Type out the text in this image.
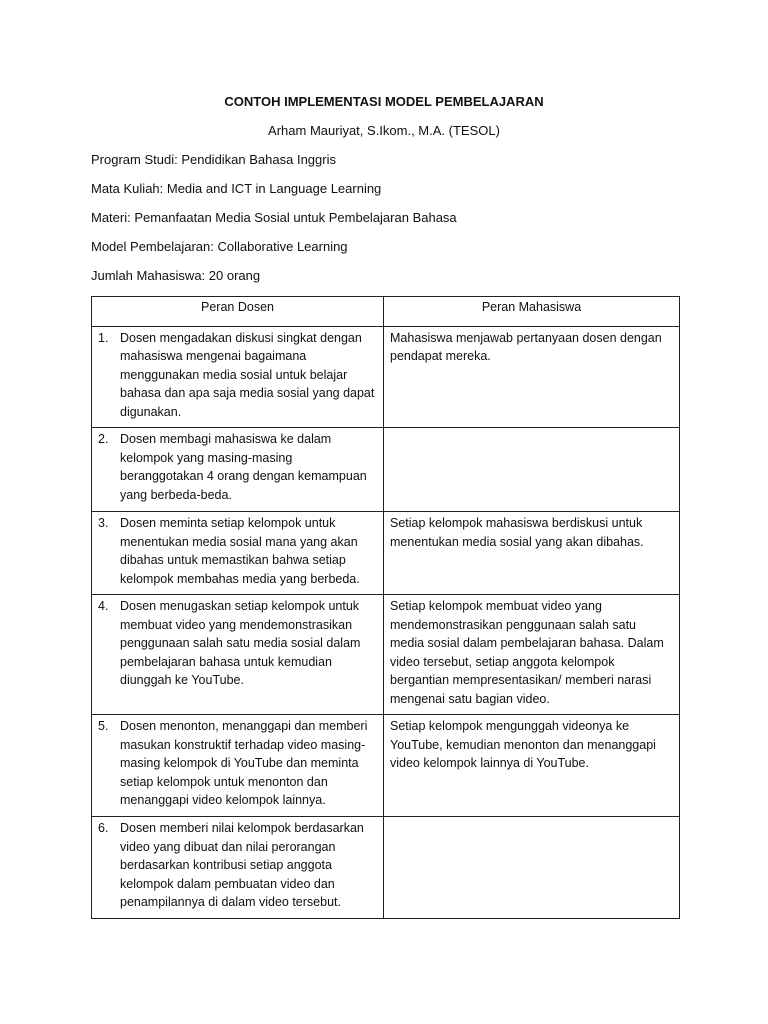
CONTOH IMPLEMENTASI MODEL PEMBELAJARAN
Arham Mauriyat, S.Ikom., M.A. (TESOL)
Program Studi: Pendidikan Bahasa Inggris
Mata Kuliah: Media and ICT in Language Learning
Materi: Pemanfaatan Media Sosial untuk Pembelajaran Bahasa
Model Pembelajaran: Collaborative Learning
Jumlah Mahasiswa: 20 orang
Peran Dosen	Peran Mahasiswa

1. Dosen mengadakan diskusi singkat dengan mahasiswa mengenai bagaimana menggunakan media sosial untuk belajar bahasa dan apa saja media sosial yang dapat digunakan.	Mahasiswa menjawab pertanyaan dosen dengan pendapat mereka.

2. Dosen membagi mahasiswa ke dalam kelompok yang masing-masing beranggotakan 4 orang dengan kemampuan yang berbeda-beda.	

3. Dosen meminta setiap kelompok untuk menentukan media sosial mana yang akan dibahas untuk memastikan bahwa setiap kelompok membahas media yang berbeda.	Setiap kelompok mahasiswa berdiskusi untuk menentukan media sosial yang akan dibahas.

4. Dosen menugaskan setiap kelompok untuk membuat video yang mendemonstrasikan penggunaan salah satu media sosial dalam pembelajaran bahasa untuk kemudian diunggah ke YouTube.	Setiap kelompok membuat video yang mendemonstrasikan penggunaan salah satu media sosial dalam pembelajaran bahasa. Dalam video tersebut, setiap anggota kelompok bergantian mempresentasikan/ memberi narasi mengenai satu bagian video.

5. Dosen menonton, menanggapi dan memberi masukan konstruktif terhadap video masing-masing kelompok di YouTube dan meminta setiap kelompok untuk menonton dan menanggapi video kelompok lainnya.	Setiap kelompok mengunggah videonya ke YouTube, kemudian menonton dan menanggapi video kelompok lainnya di YouTube.

6. Dosen memberi nilai kelompok berdasarkan video yang dibuat dan nilai perorangan berdasarkan kontribusi setiap anggota kelompok dalam pembuatan video dan penampilannya di dalam video tersebut.	
